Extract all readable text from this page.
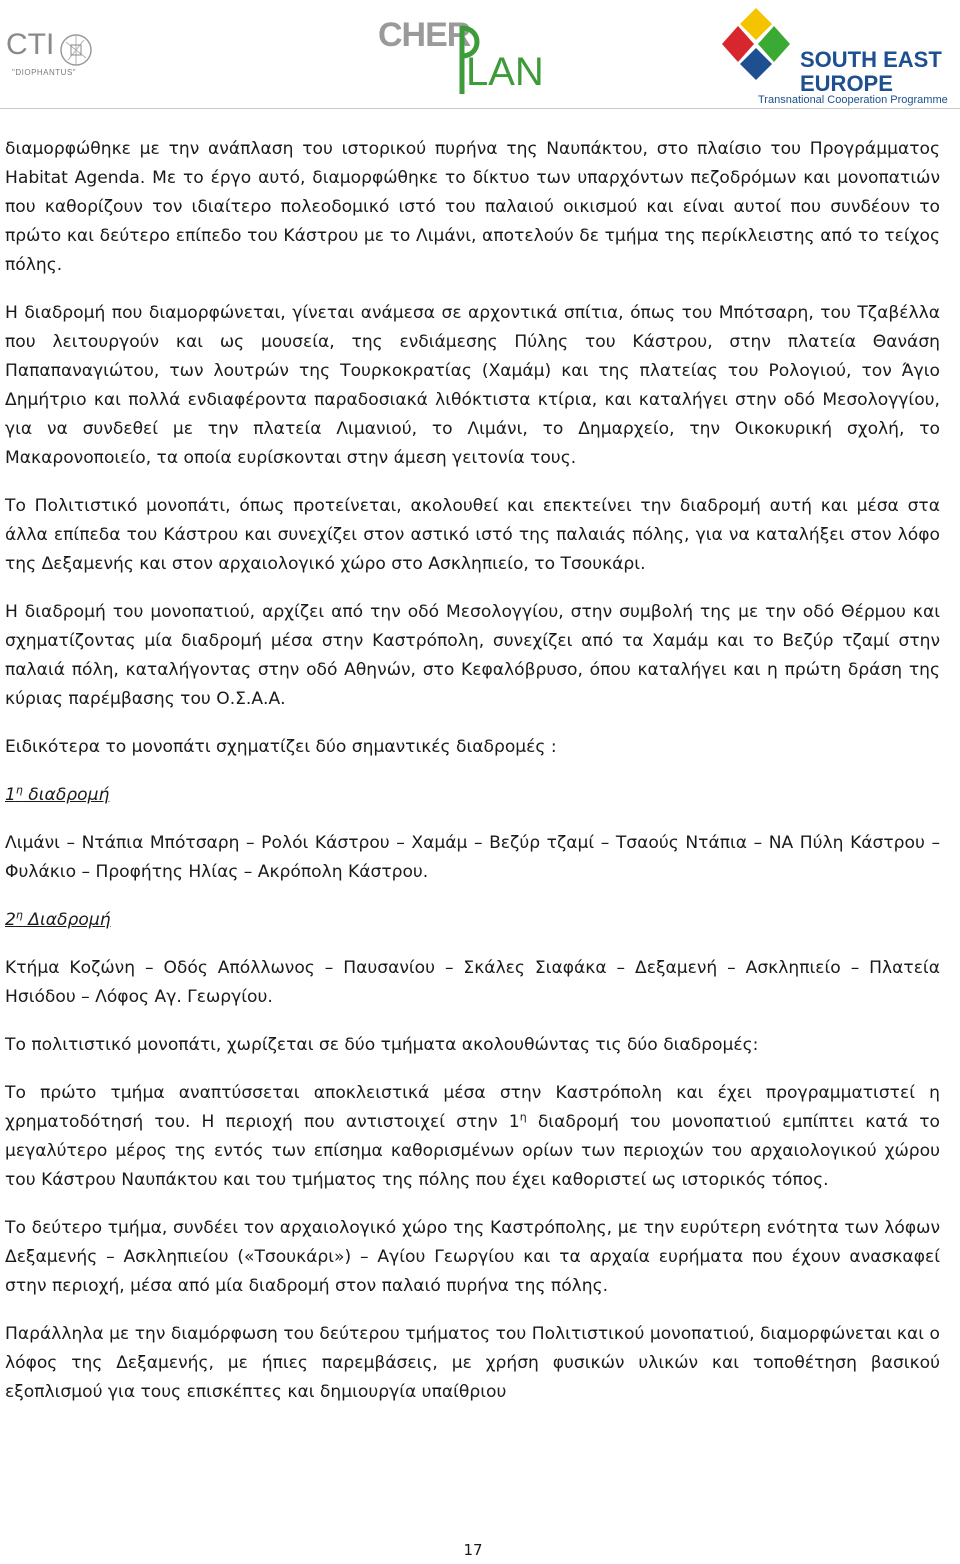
CTI
"DIOPHANTUS"
CHER
LAN	SOUTH EAST
EUROPE
Transnational Cooperation Programme

διαμορφώθηκε με την ανάπλαση του ιστορικού πυρήνα της Ναυπάκτου, στο πλαίσιο του Προγράμματος Habitat Agenda. Με το έργο αυτό, διαμορφώθηκε το δίκτυο των υπαρχόντων πεζοδρόμων και μονοπατιών που καθορίζουν τον ιδιαίτερο πολεοδομικό ιστό του παλαιού οικισμού και είναι αυτοί που συνδέουν το πρώτο και δεύτερο επίπεδο του Κάστρου με το Λιμάνι, αποτελούν δε τμήμα της περίκλειστης από το τείχος πόλης.

Η διαδρομή που διαμορφώνεται, γίνεται ανάμεσα σε αρχοντικά σπίτια, όπως του Μπότσαρη, του Τζαβέλλα που λειτουργούν και ως μουσεία, της ενδιάμεσης Πύλης του Κάστρου, στην πλατεία Θανάση Παπαπαναγιώτου, των λουτρών της Τουρκοκρατίας (Χαμάμ) και της πλατείας του Ρολογιού, τον Άγιο Δημήτριο και πολλά ενδιαφέροντα παραδοσιακά λιθόκτιστα κτίρια, και καταλήγει στην οδό Μεσολογγίου, για να συνδεθεί με την πλατεία Λιμανιού, το Λιμάνι, το Δημαρχείο, την Οικοκυρική σχολή, το Μακαρονοποιείο, τα οποία ευρίσκονται στην άμεση γειτονία τους.

Το Πολιτιστικό μονοπάτι, όπως προτείνεται, ακολουθεί και επεκτείνει την διαδρομή αυτή και μέσα στα άλλα επίπεδα του Κάστρου και συνεχίζει στον αστικό ιστό της παλαιάς πόλης, για να καταλήξει στον λόφο της Δεξαμενής και στον αρχαιολογικό χώρο στο Ασκληπιείο, το Τσουκάρι.

Η διαδρομή του μονοπατιού, αρχίζει από την οδό Μεσολογγίου, στην συμβολή της με την οδό Θέρμου και σχηματίζοντας μία διαδρομή μέσα στην Καστρόπολη, συνεχίζει από τα Χαμάμ και το Βεζύρ τζαμί στην παλαιά πόλη, καταλήγοντας στην οδό Αθηνών, στο Κεφαλόβρυσο, όπου καταλήγει και η πρώτη δράση της κύριας παρέμβασης του Ο.Σ.Α.Α.

Ειδικότερα το μονοπάτι σχηματίζει δύο σημαντικές διαδρομές :

$1^\eta$ διαδρομή

Λιμάνι – Ντάπια Μπότσαρη – Ρολόι Κάστρου – Χαμάμ – Βεζύρ τζαμί – Τσαούς Ντάπια – ΝΑ Πύλη Κάστρου – Φυλάκιο – Προφήτης Ηλίας – Ακρόπολη Κάστρου.

$2^\eta$ Διαδρομή

Κτήμα Κοζώνη – Οδός Απόλλωνος – Παυσανίου – Σκάλες Σιαφάκα – Δεξαμενή – Ασκληπιείο – Πλατεία Ησιόδου – Λόφος Αγ. Γεωργίου.

Το πολιτιστικό μονοπάτι, χωρίζεται σε δύο τμήματα ακολουθώντας τις δύο διαδρομές:

Το πρώτο τμήμα αναπτύσσεται αποκλειστικά μέσα στην Καστρόπολη και έχει προγραμματιστεί η χρηματοδότησή του. Η περιοχή που αντιστοιχεί στην $1^\eta$ διαδρομή του μονοπατιού εμπίπτει κατά το μεγαλύτερο μέρος της εντός των επίσημα καθορισμένων ορίων των περιοχών του αρχαιολογικού χώρου του Κάστρου Ναυπάκτου και του τμήματος της πόλης που έχει καθοριστεί ως ιστορικός τόπος.

Το δεύτερο τμήμα, συνδέει τον αρχαιολογικό χώρο της Καστρόπολης, με την ευρύτερη ενότητα των λόφων Δεξαμενής – Ασκληπιείου («Τσουκάρι») – Αγίου Γεωργίου και τα αρχαία ευρήματα που έχουν ανασκαφεί στην περιοχή, μέσα από μία διαδρομή στον παλαιό πυρήνα της πόλης.

Παράλληλα με την διαμόρφωση του δεύτερου τμήματος του Πολιτιστικού μονοπατιού, διαμορφώνεται και ο λόφος της Δεξαμενής, με ήπιες παρεμβάσεις, με χρήση φυσικών υλικών και τοποθέτηση βασικού εξοπλισμού για τους επισκέπτες και δημιουργία υπαίθριου

17
